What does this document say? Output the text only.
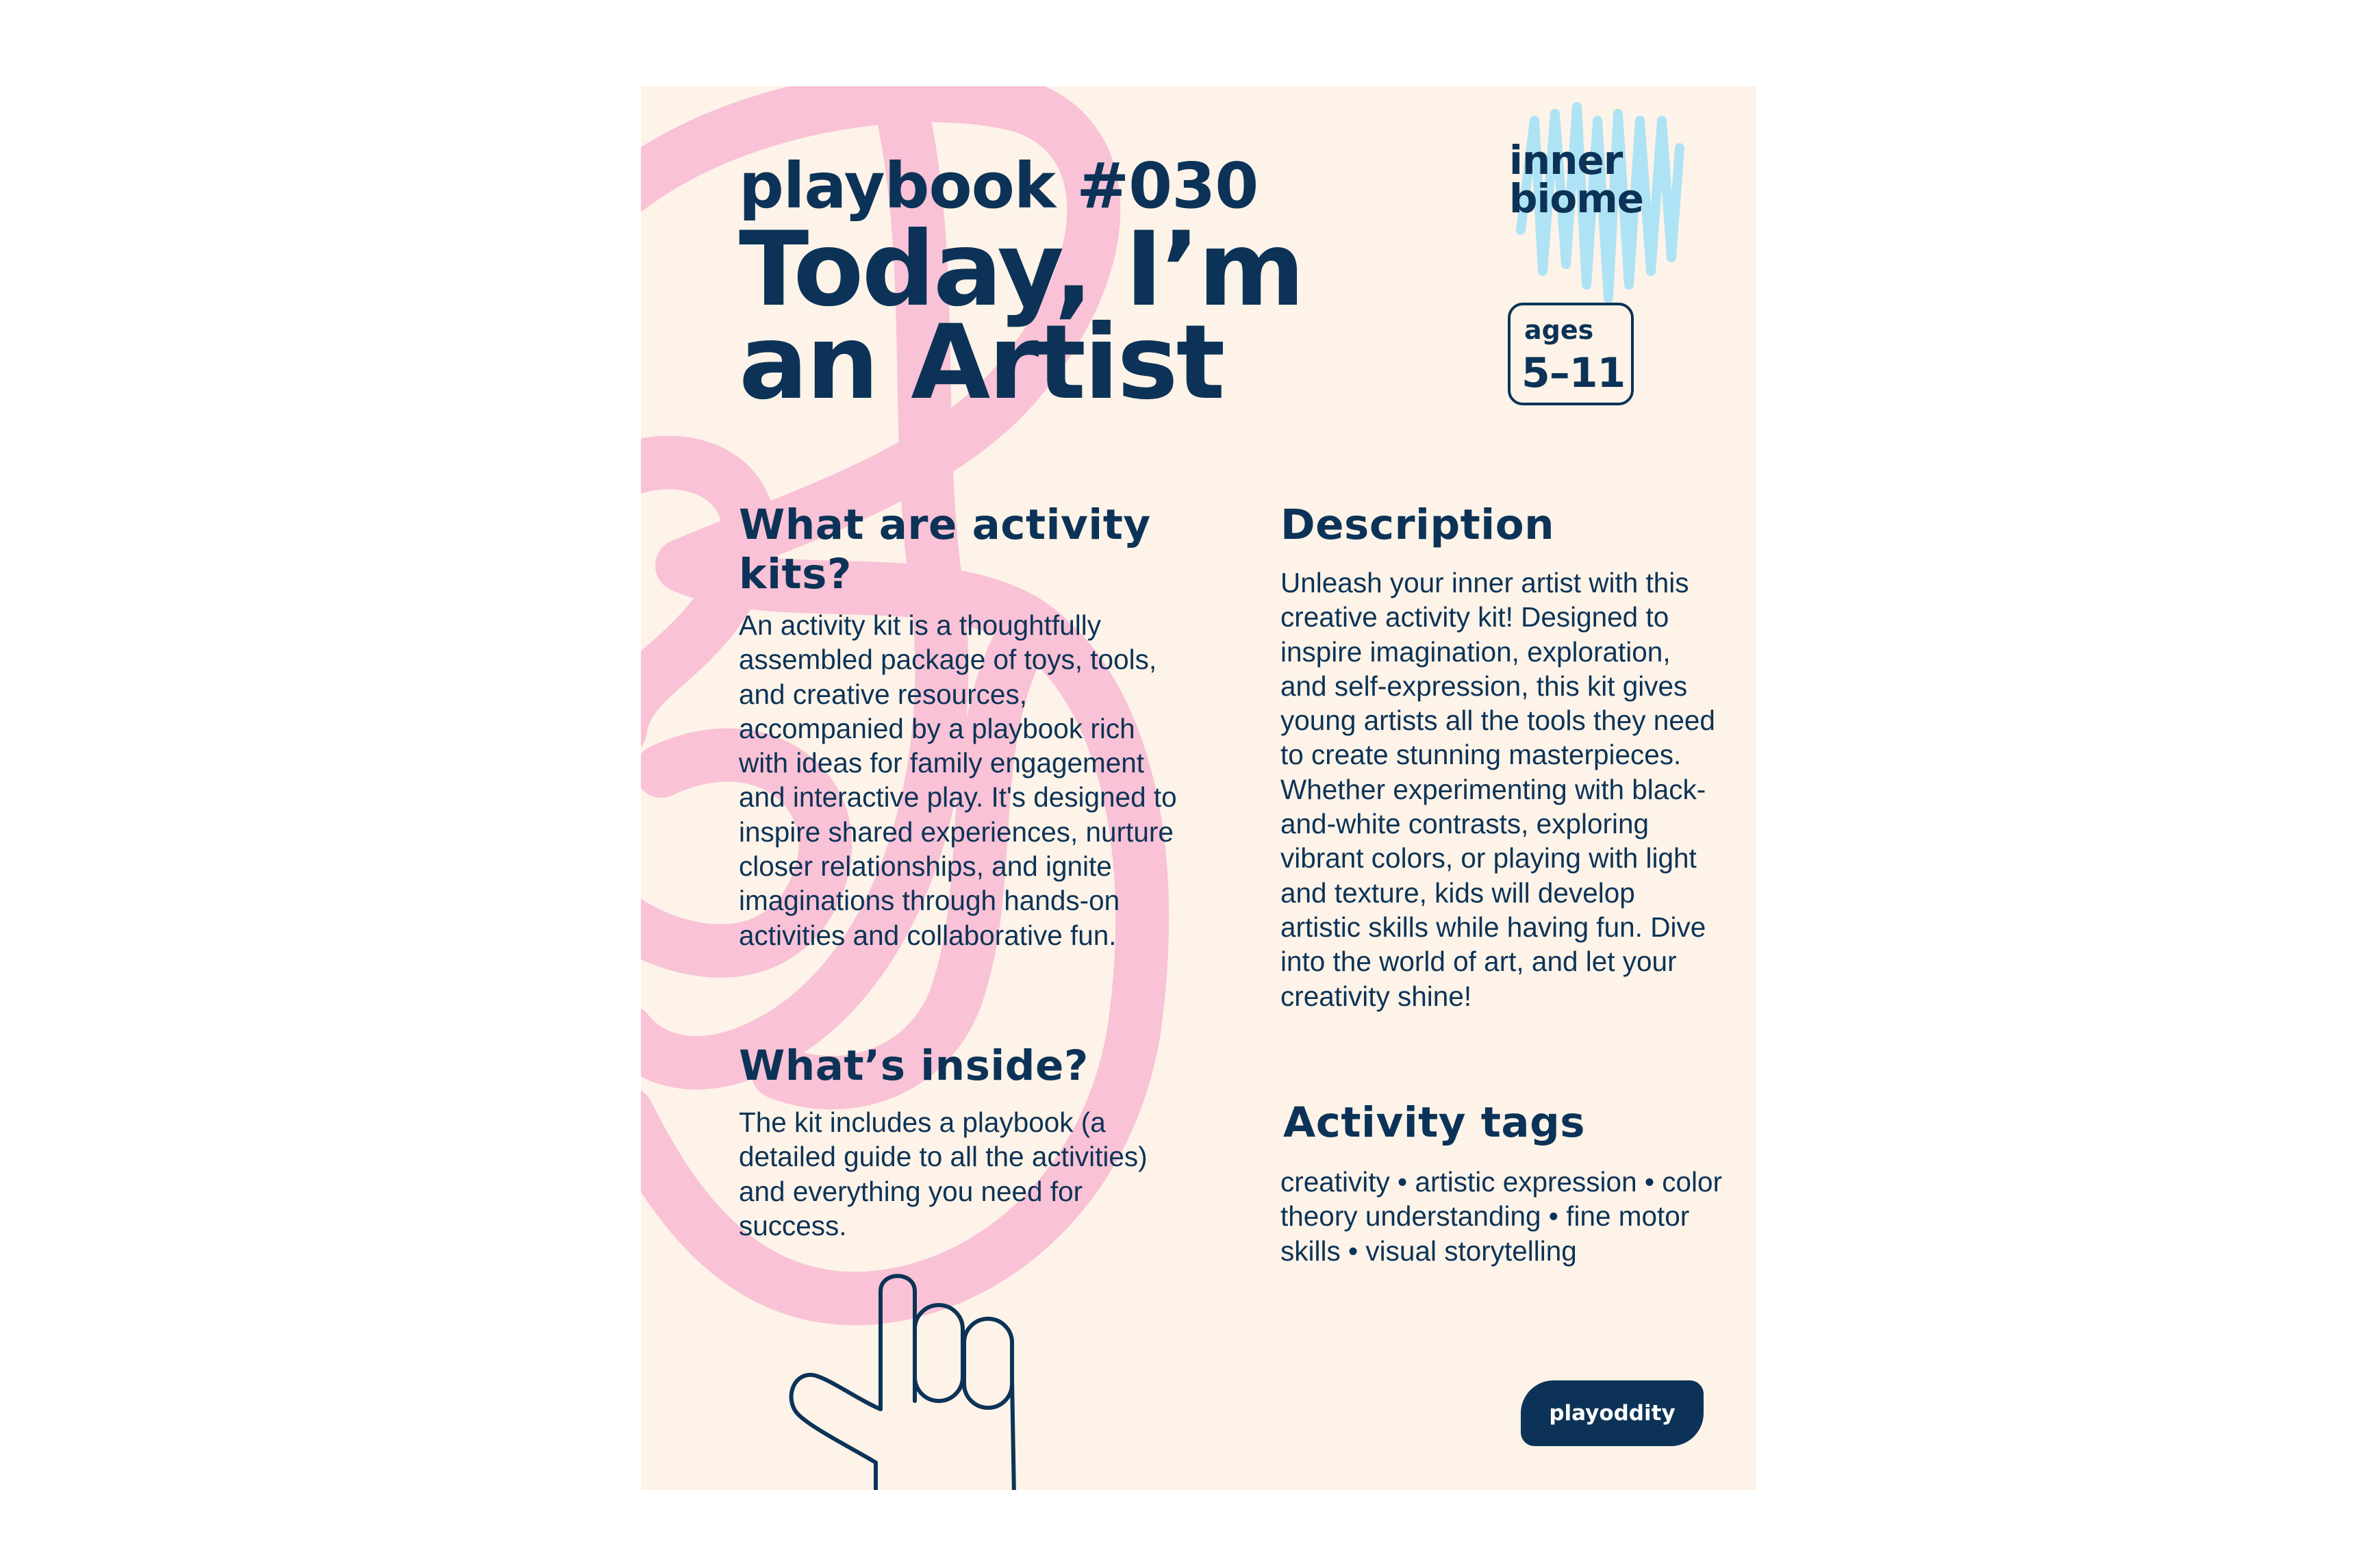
playbook #030
Today, I’m an Artist
inner biome
ages
5–11
What are activity kits?
An activity kit is a thoughtfully assembled package of toys, tools, and creative resources, accompanied by a playbook rich with ideas for family engagement and interactive play. It's designed to inspire shared experiences, nurture closer relationships, and ignite imaginations through hands-on activities and collaborative fun.
What’s inside?
The kit includes a playbook (a detailed guide to all the activities) and everything you need for success.
Description
Unleash your inner artist with this creative activity kit! Designed to inspire imagination, exploration, and self-expression, this kit gives young artists all the tools they need to create stunning masterpieces. Whether experimenting with black-and-white contrasts, exploring vibrant colors, or playing with light and texture, kids will develop artistic skills while having fun. Dive into the world of art, and let your creativity shine!
Activity tags
creativity • artistic expression • color theory understanding • fine motor skills • visual storytelling
playoddity
